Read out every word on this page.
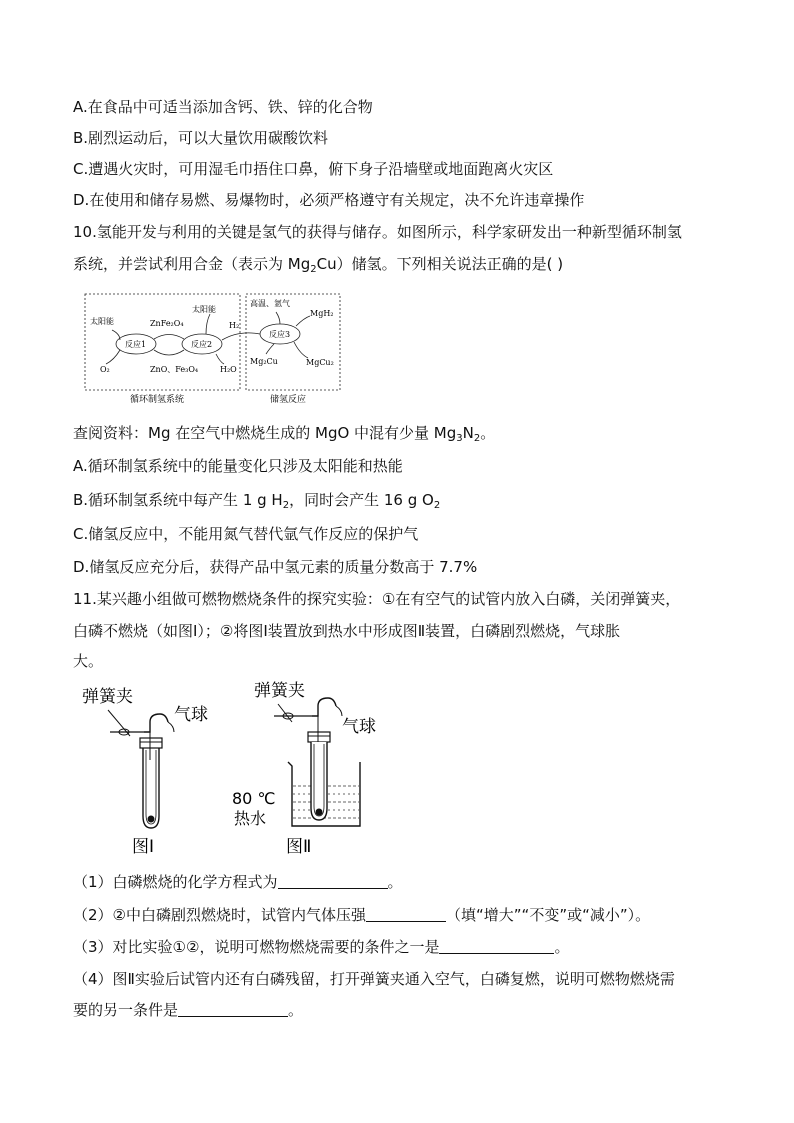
A.在食品中可适当添加含钙、铁、锌的化合物
B.剧烈运动后，可以大量饮用碳酸饮料
C.遭遇火灾时，可用湿毛巾捂住口鼻，俯下身子沿墙壁或地面跑离火灾区
D.在使用和储存易燃、易爆物时，必须严格遵守有关规定，决不允许违章操作
10.氢能开发与利用的关键是氢气的获得与储存。如图所示，科学家研发出一种新型循环制氢
系统，并尝试利用合金（表示为 $Mg_2Cu$）储氢。下列相关说法正确的是( )
太阳能	ZnFe₂O₄
太阳能
H₂
反应1	反应2
反应3
O₂	ZnO、Fe₃O₄	H₂O
高温、氩气
MgH₂
Mg₂Cu	MgCu₂
循环制氢系统	储氢反应
查阅资料：Mg 在空气中燃烧生成的 MgO 中混有少量 $Mg_3N_2$。
A.循环制氢系统中的能量变化只涉及太阳能和热能
B.循环制氢系统中每产生 1 g $H_2$，同时会产生 16 g $O_2$
C.储氢反应中，不能用氮气替代氩气作反应的保护气
D.储氢反应充分后，获得产品中氢元素的质量分数高于 7.7%
11.某兴趣小组做可燃物燃烧条件的探究实验：①在有空气的试管内放入白磷，关闭弹簧夹，
白磷不燃烧（如图Ⅰ）；②将图Ⅰ装置放到热水中形成图Ⅱ装置，白磷剧烈燃烧，气球胀
大。
弹簧夹
气球
图Ⅰ
弹簧夹
气球
80 ℃
热水
图Ⅱ
（1）白磷燃烧的化学方程式为	。
（2）②中白磷剧烈燃烧时，试管内气体压强	（填“增大”“不变”或“减小”）。
（3）对比实验①②，说明可燃物燃烧需要的条件之一是	。
（4）图Ⅱ实验后试管内还有白磷残留，打开弹簧夹通入空气，白磷复燃，说明可燃物燃烧需
要的另一条件是	。
